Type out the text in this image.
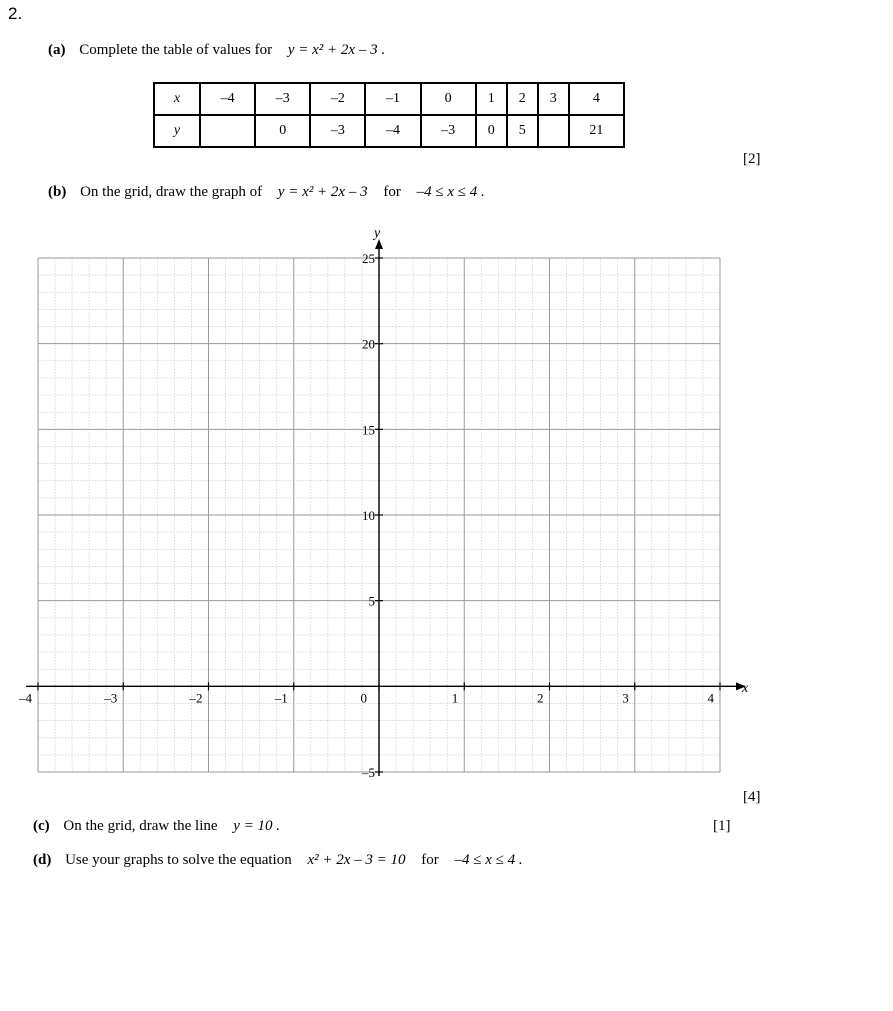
2.
(a) Complete the table of values for y = x² + 2x – 3 .
x	–4	–3	–2	–1	0	1	2	3	4
y		0	–3	–4	–3	0	5		21
[2]
(b) On the grid, draw the graph of y = x² + 2x – 3 for –4 ≤ x ≤ 4 .
–4	–3	–2	–1	0	1	2	3	4
–5
5
10
15
20
25
x
y
[4]
(c) On the grid, draw the line y = 10 .	[1]
(d) Use your graphs to solve the equation x² + 2x – 3 = 10 for –4 ≤ x ≤ 4 .
